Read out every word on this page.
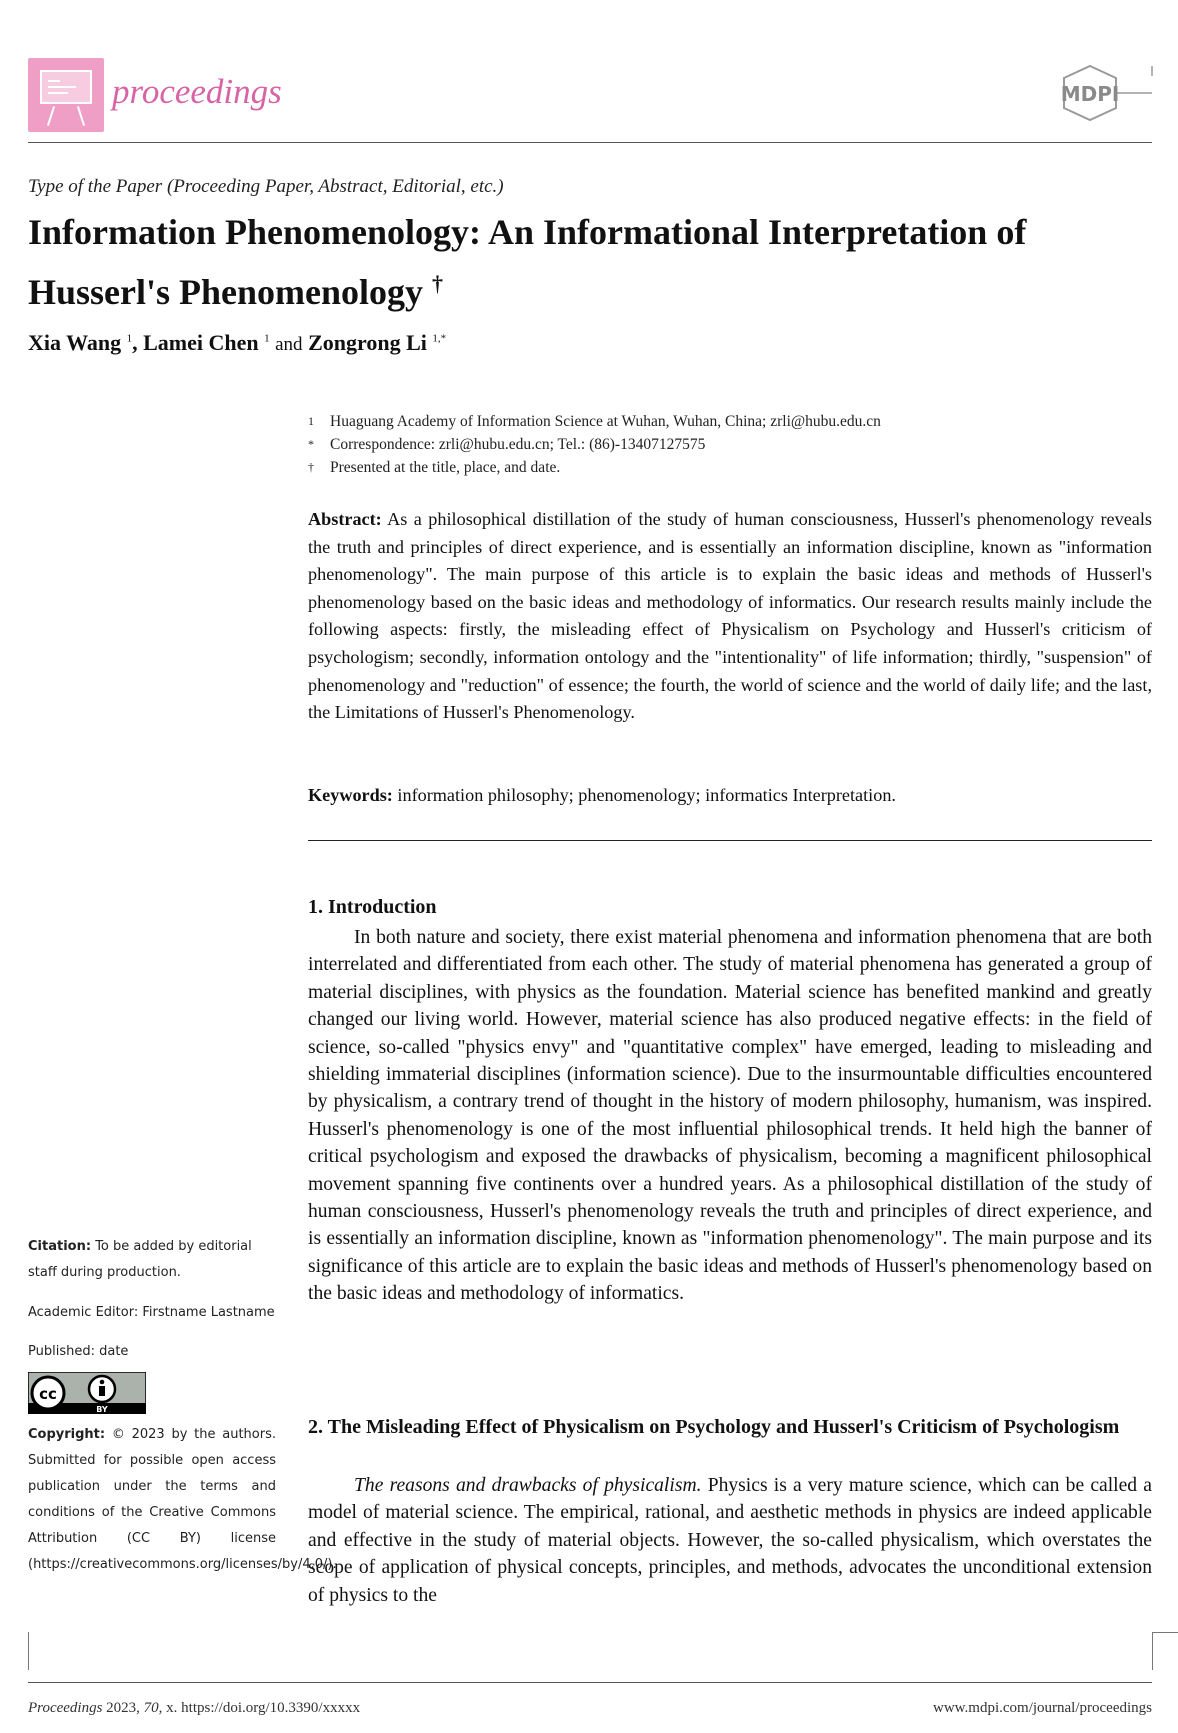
proceedings	MDPI
Type of the Paper (Proceeding Paper, Abstract, Editorial, etc.)
Information Phenomenology: An Informational Interpretation of Husserl's Phenomenology †
Xia Wang $^1$, Lamei Chen $^1$ and Zongrong Li $^{1,*}$
1	Huaguang Academy of Information Science at Wuhan, Wuhan, China; zrli@hubu.edu.cn
*	Correspondence: zrli@hubu.edu.cn; Tel.: (86)-13407127575
†	Presented at the title, place, and date.
Abstract: As a philosophical distillation of the study of human consciousness, Husserl's phenomenology reveals the truth and principles of direct experience, and is essentially an information discipline, known as "information phenomenology". The main purpose of this article is to explain the basic ideas and methods of Husserl's phenomenology based on the basic ideas and methodology of informatics. Our research results mainly include the following aspects: firstly, the misleading effect of Physicalism on Psychology and Husserl's criticism of psychologism; secondly, information ontology and the "intentionality" of life information; thirdly, "suspension" of phenomenology and "reduction" of essence; the fourth, the world of science and the world of daily life; and the last, the Limitations of Husserl's Phenomenology.
Keywords: information philosophy; phenomenology; informatics Interpretation.
1. Introduction
In both nature and society, there exist material phenomena and information phenomena that are both interrelated and differentiated from each other. The study of material phenomena has generated a group of material disciplines, with physics as the foundation. Material science has benefited mankind and greatly changed our living world. However, material science has also produced negative effects: in the field of science, so-called "physics envy" and "quantitative complex" have emerged, leading to misleading and shielding immaterial disciplines (information science). Due to the insurmountable difficulties encountered by physicalism, a contrary trend of thought in the history of modern philosophy, humanism, was inspired. Husserl's phenomenology is one of the most influential philosophical trends. It held high the banner of critical psychologism and exposed the drawbacks of physicalism, becoming a magnificent philosophical movement spanning five continents over a hundred years. As a philosophical distillation of the study of human consciousness, Husserl's phenomenology reveals the truth and principles of direct experience, and is essentially an information discipline, known as "information phenomenology". The main purpose and its significance of this article are to explain the basic ideas and methods of Husserl's phenomenology based on the basic ideas and methodology of informatics.
2. The Misleading Effect of Physicalism on Psychology and Husserl's Criticism of Psychologism
The reasons and drawbacks of physicalism. Physics is a very mature science, which can be called a model of material science. The empirical, rational, and aesthetic methods in physics are indeed applicable and effective in the study of material objects. However, the so-called physicalism, which overstates the scope of application of physical concepts, principles, and methods, advocates the unconditional extension of physics to the
Citation: To be added by editorial staff during production.
Academic Editor: Firstname Lastname
Published: date
cc
BY
Copyright: © 2023 by the authors. Submitted for possible open access publication under the terms and conditions of the Creative Commons Attribution (CC BY) license (https://creativecommons.org/licenses/by/4.0/).
Proceedings 2023, 70, x. https://doi.org/10.3390/xxxxx	www.mdpi.com/journal/proceedings
